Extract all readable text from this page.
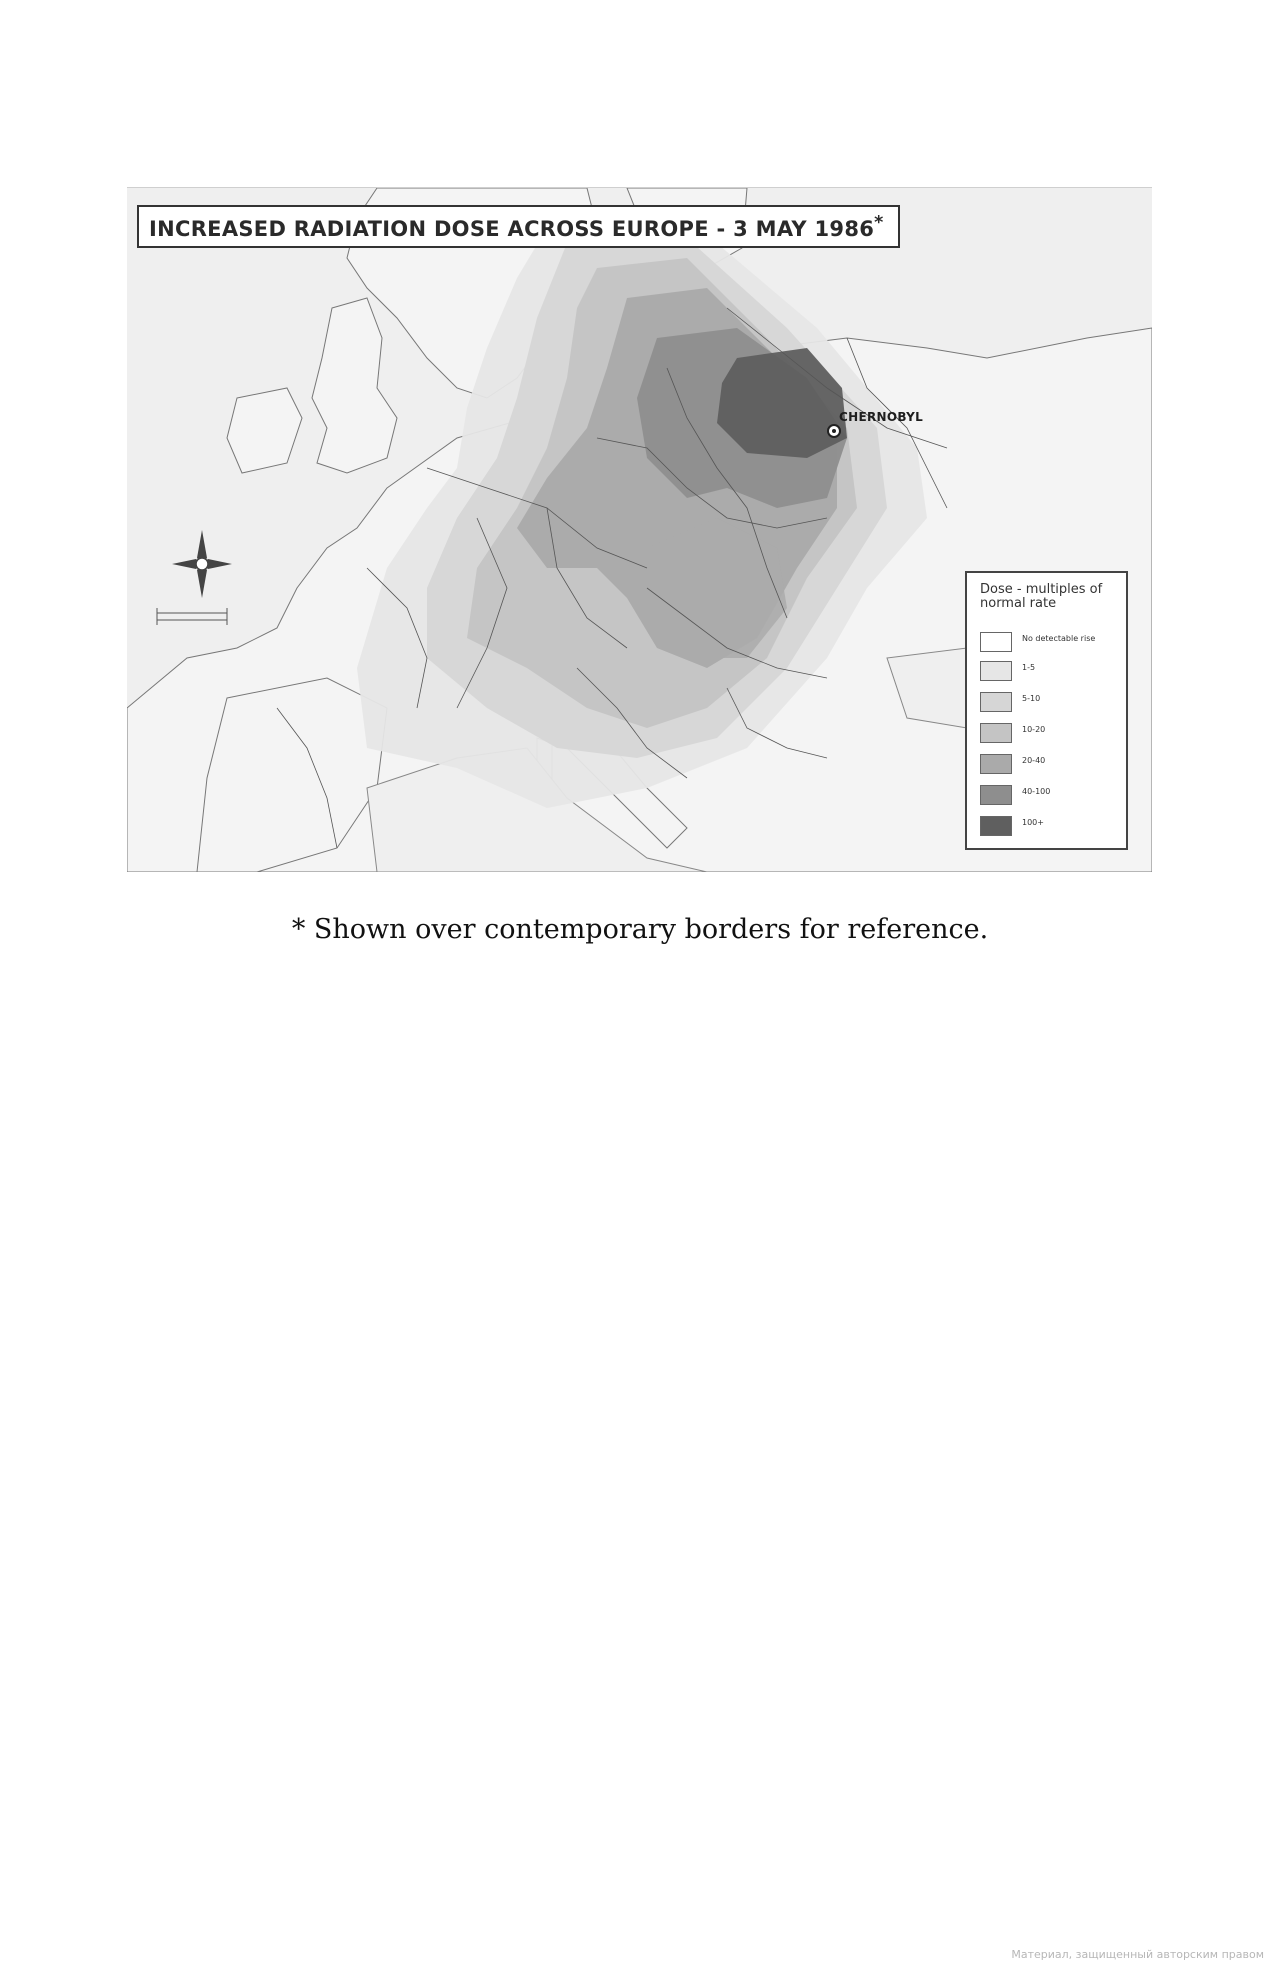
INCREASED RADIATION DOSE ACROSS EUROPE - 3 MAY 1986*
CHERNOBYL
Dose - multiples of normal rate
No detectable rise
1-5
5-10
10-20
20-40
40-100
100+
* Shown over contemporary borders for reference.
Материал, защищенный авторским правом
